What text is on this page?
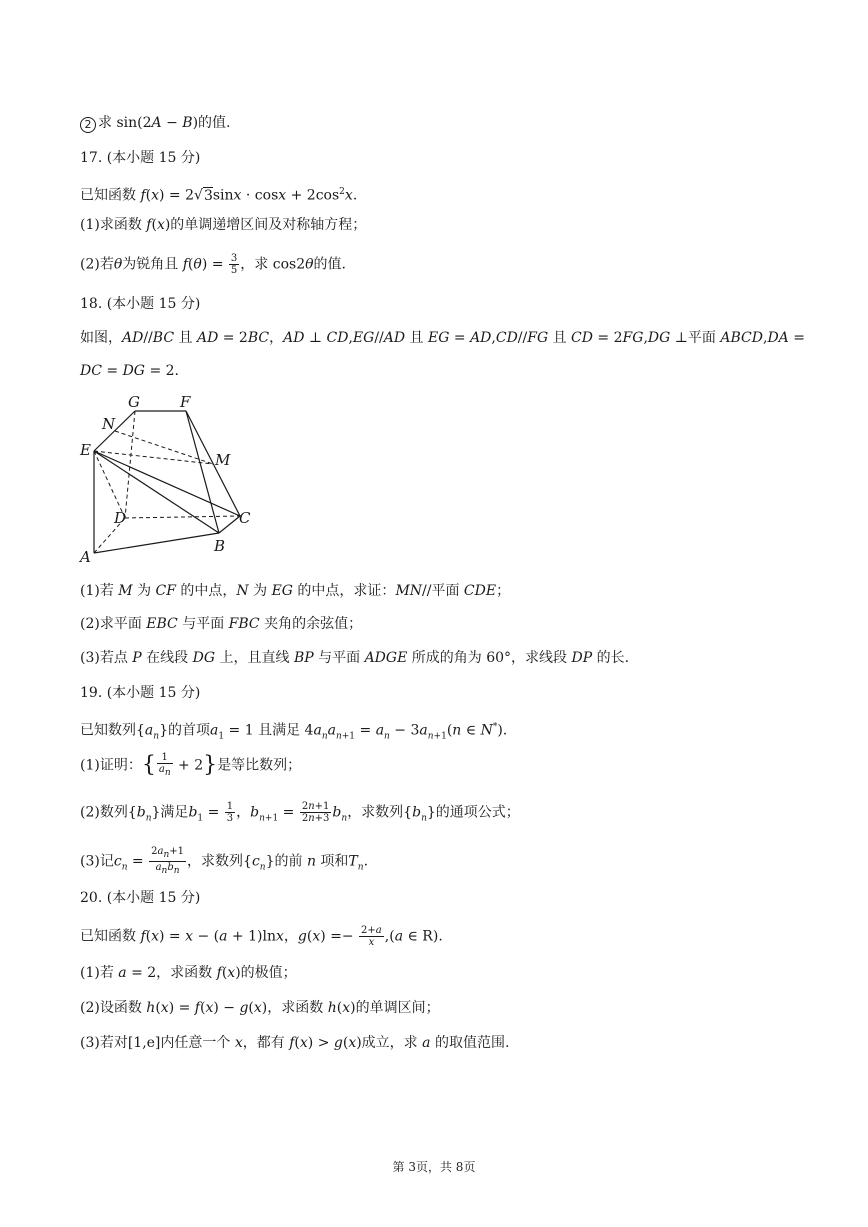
2 求 sin(2A − B)的值.
17. (本小题 15 分)
已知函数 $f(x) = 2√3\sin x \cdot \cos x + 2\cos^2x$.
(1)求函数 f(x)的单调递增区间及对称轴方程；
(2)若θ为锐角且 $f(\theta) = \frac{3}{5}$ ，求 cos2θ的值.
18. (本小题 15 分)
如图，AD//BC 且 AD = 2BC，AD ⊥ CD,EG//AD 且 EG = AD,CD//FG 且 CD = 2FG,DG ⊥平面 ABCD,DA =
DC = DG = 2.
G	F
N
E
M
D	C
A
B
(1)若 M 为 CF 的中点，N 为 EG 的中点，求证：MN//平面 CDE；
(2)求平面 EBC 与平面 FBC 夹角的余弦值；
(3)若点 P 在线段 DG 上，且直线 BP 与平面 ADGE 所成的角为 60°，求线段 DP 的长.
19. (本小题 15 分)
已知数列$\{a_n\}$的首项$a_1 = 1$ 且满足 $4a_na_{n+1} = a_n - 3a_{n+1}(n$ ∈ N*).
(1)证明：{ $\frac{1}{a_n} + 2$}是等比数列；
(2)数列$\{b_n\}$满足$b_1 = \frac{1}{3}$ ，$b_{n+1} = \frac{2n+1}{2n+3} b_n$，求数列$\{b_n\}$的通项公式；
(3)记$c_n = \frac{2a_n+1}{a_nb_n}$ ，求数列$\{c_n\}$的前 n 项和$T_n$.
20. (本小题 15 分)
已知函数 f(x) = x − (a + 1)lnx，$g(x) =- \frac{2+a}{x} ,(a$ ∈ R).
(1)若 a = 2，求函数 f(x)的极值；
(2)设函数 h(x) = f(x) − g(x)，求函数 h(x)的单调区间；
(3)若对[1,e]内任意一个 x，都有 f(x) > g(x)成立，求 a 的取值范围.
第 3页，共 8页
